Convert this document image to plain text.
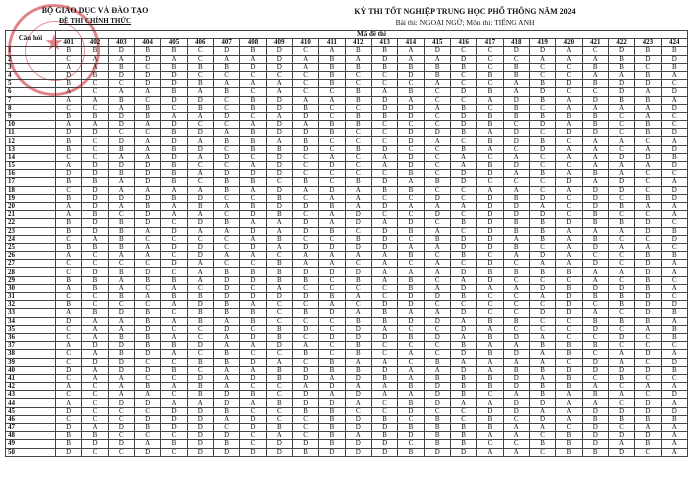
★
BỘ GIÁO DỤC VÀ ĐÀO TẠO
ĐỀ THI CHÍNH THỨC
KỲ THI TỐT NGHIỆP TRUNG HỌC PHỔ THÔNG NĂM 2024
Bài thi: NGOẠI NGỮ; Môn thi: TIẾNG ANH
Câu hỏi	Mã đề thi																							
	401	402	403	404	405	406	407	408	409	410	411	412	413	414	415	416	417	418	419	420	421	422	423	424
1	B	B	D	B	B	C	D	B	D	C	A	B	B	A	D	C	C	D	D	A	C	D	B	B
2	C	A	A	D	A	C	A	A	D	A	B	A	D	A	A	D	C	C	A	A	A	B	D	D
3	A	A	B	C	B	B	B	D	D	A	B	B	B	B	B	B	C	B	C	C	B	B	C	B
4	D	B	D	D	D	C	C	C	C	C	B	C	C	D	B	C	B	B	C	C	A	A	B	A
5	B	C	C	D	D	B	A	A	A	C	B	C	C	C	A	C	C	A	B	D	B	D	D	C
6	A	C	A	A	B	A	B	C	A	C	C	B	A	B	C	D	B	A	D	C	C	D	A	D
7	A	A	B	C	D	D	C	B	D	A	A	B	D	A	C	C	A	D	B	A	D	B	B	A
8	C	C	A	B	C	B	C	B	D	B	C	C	D	D	A	B	C	B	C	A	A	A	A	D
9	B	B	D	B	A	A	D	C	A	D	C	B	B	D	C	D	B	B	B	B	B	C	A	C
10	A	A	D	A	D	C	C	A	D	A	B	B	C	C	C	D	B	C	D	A	B	C	B	C
11	D	D	C	C	B	D	A	B	D	D	B	C	C	D	D	B	A	D	C	D	D	C	B	D
12	B	C	D	A	D	A	B	B	A	B	C	C	C	D	A	C	B	D	B	C	A	A	C	A
13	B	C	B	A	B	D	C	B	B	D	C	B	D	C	C	B	A	C	D	A	A	C	A	D
14	C	C	A	A	D	A	D	C	D	C	A	C	A	D	C	A	C	A	C	A	A	D	D	B
15	A	D	D	D	B	C	C	A	D	C	D	C	A	D	C	A	B	D	C	C	A	A	A	D
16	D	D	B	D	B	A	D	D	D	C	C	C	C	B	C	D	D	A	B	A	B	A	C	C
17	B	B	A	D	B	C	B	B	C	B	C	B	D	A	B	D	C	C	C	D	A	D	C	A
18	C	D	A	A	A	A	B	A	D	A	D	A	B	B	C	C	A	A	C	A	D	D	C	D
19	B	D	D	D	B	D	C	C	B	C	A	A	C	C	D	C	D	B	D	C	D	C	B	D
20	A	D	A	B	A	B	A	B	D	D	B	A	D	A	A	A	D	D	A	C	D	B	A	A
21	A	B	C	D	A	A	C	D	B	C	A	D	C	C	D	C	D	D	D	C	B	C	C	A
22	B	D	B	D	C	D	B	A	A	D	A	D	A	D	C	B	D	B	B	D	B	B	D	C
23	B	D	B	A	D	A	A	D	A	D	B	C	D	B	A	C	D	B	B	A	A	A	D	B
24	C	A	B	C	C	C	C	A	B	C	C	B	D	C	B	D	D	A	B	A	B	C	C	D
25	B	B	B	A	D	D	C	D	A	D	D	D	D	A	A	D	D	B	C	A	D	A	A	C
26	A	C	A	A	C	D	A	A	C	A	A	A	A	B	C	B	C	A	D	A	C	C	B	B
27	C	C	C	C	D	A	C	C	B	A	A	C	A	C	A	C	D	C	A	A	D	C	D	A
28	C	D	B	D	C	A	B	B	B	D	D	D	A	A	A	D	B	B	B	B	A	A	D	A
29	B	B	A	B	B	A	D	D	B	B	C	B	A	B	C	A	D	C	C	C	A	C	B	C
30	A	B	A	C	A	C	D	C	A	C	C	C	C	B	A	D	A	A	D	B	D	D	B	A
31	C	C	B	A	B	B	D	D	D	D	B	A	C	D	D	B	C	C	A	D	B	B	D	C
32	B	C	C	C	A	D	B	A	C	C	A	C	D	D	C	C	C	C	C	D	C	B	D	D
33	A	B	D	B	C	B	B	B	C	B	D	A	B	A	A	D	C	C	D	D	A	C	D	B
34	D	A	A	B	A	B	A	B	C	C	C	B	B	D	D	A	B	B	C	C	B	B	B	A
35	C	A	A	D	C	C	D	C	B	D	C	D	A	C	C	D	A	C	C	C	D	C	A	B
36	C	A	B	B	A	C	A	D	B	C	D	D	D	B	D	A	B	D	A	C	C	D	C	B
37	A	D	D	B	B	D	A	A	D	A	C	B	C	C	C	B	A	A	B	B	B	C	C	C
38	C	A	B	D	A	C	B	C	C	B	C	B	C	A	C	D	B	D	A	B	C	A	D	A
39	C	D	D	C	C	B	B	D	A	C	B	A	A	C	B	A	A	A	A	C	D	A	C	D
40	D	A	D	D	B	C	A	A	B	D	B	B	D	A	A	D	A	B	B	D	D	D	D	B
41	C	A	A	C	C	D	A	D	B	D	A	D	B	A	B	B	B	D	A	B	C	B	C	C
42	A	C	A	B	A	B	A	C	C	A	D	A	A	B	D	B	B	D	B	B	A	C	A	A
43	C	C	A	A	C	B	D	B	C	D	A	D	A	A	D	B	C	A	B	A	B	A	C	D
44	A	C	D	D	A	A	D	A	B	D	D	A	C	B	D	A	A	D	D	A	A	C	D	A
45	D	C	C	C	D	D	B	C	C	B	B	C	C	D	C	C	D	D	A	A	D	D	D	D
46	C	C	C	D	D	D	A	D	C	C	B	D	B	C	B	C	B	C	D	A	B	B	B	B
47	D	A	D	B	D	D	C	D	B	C	B	D	D	B	B	B	B	A	A	C	D	C	A	A
48	B	B	C	C	C	D	D	C	A	C	B	A	B	D	B	B	A	A	C	B	D	D	D	A
49	B	D	D	A	B	D	B	C	D	D	B	D	D	C	B	B	C	C	B	B	D	A	B	A
50	D	C	C	D	C	D	D	D	D	B	D	D	D	B	D	D	A	A	C	B	B	D	C	A
